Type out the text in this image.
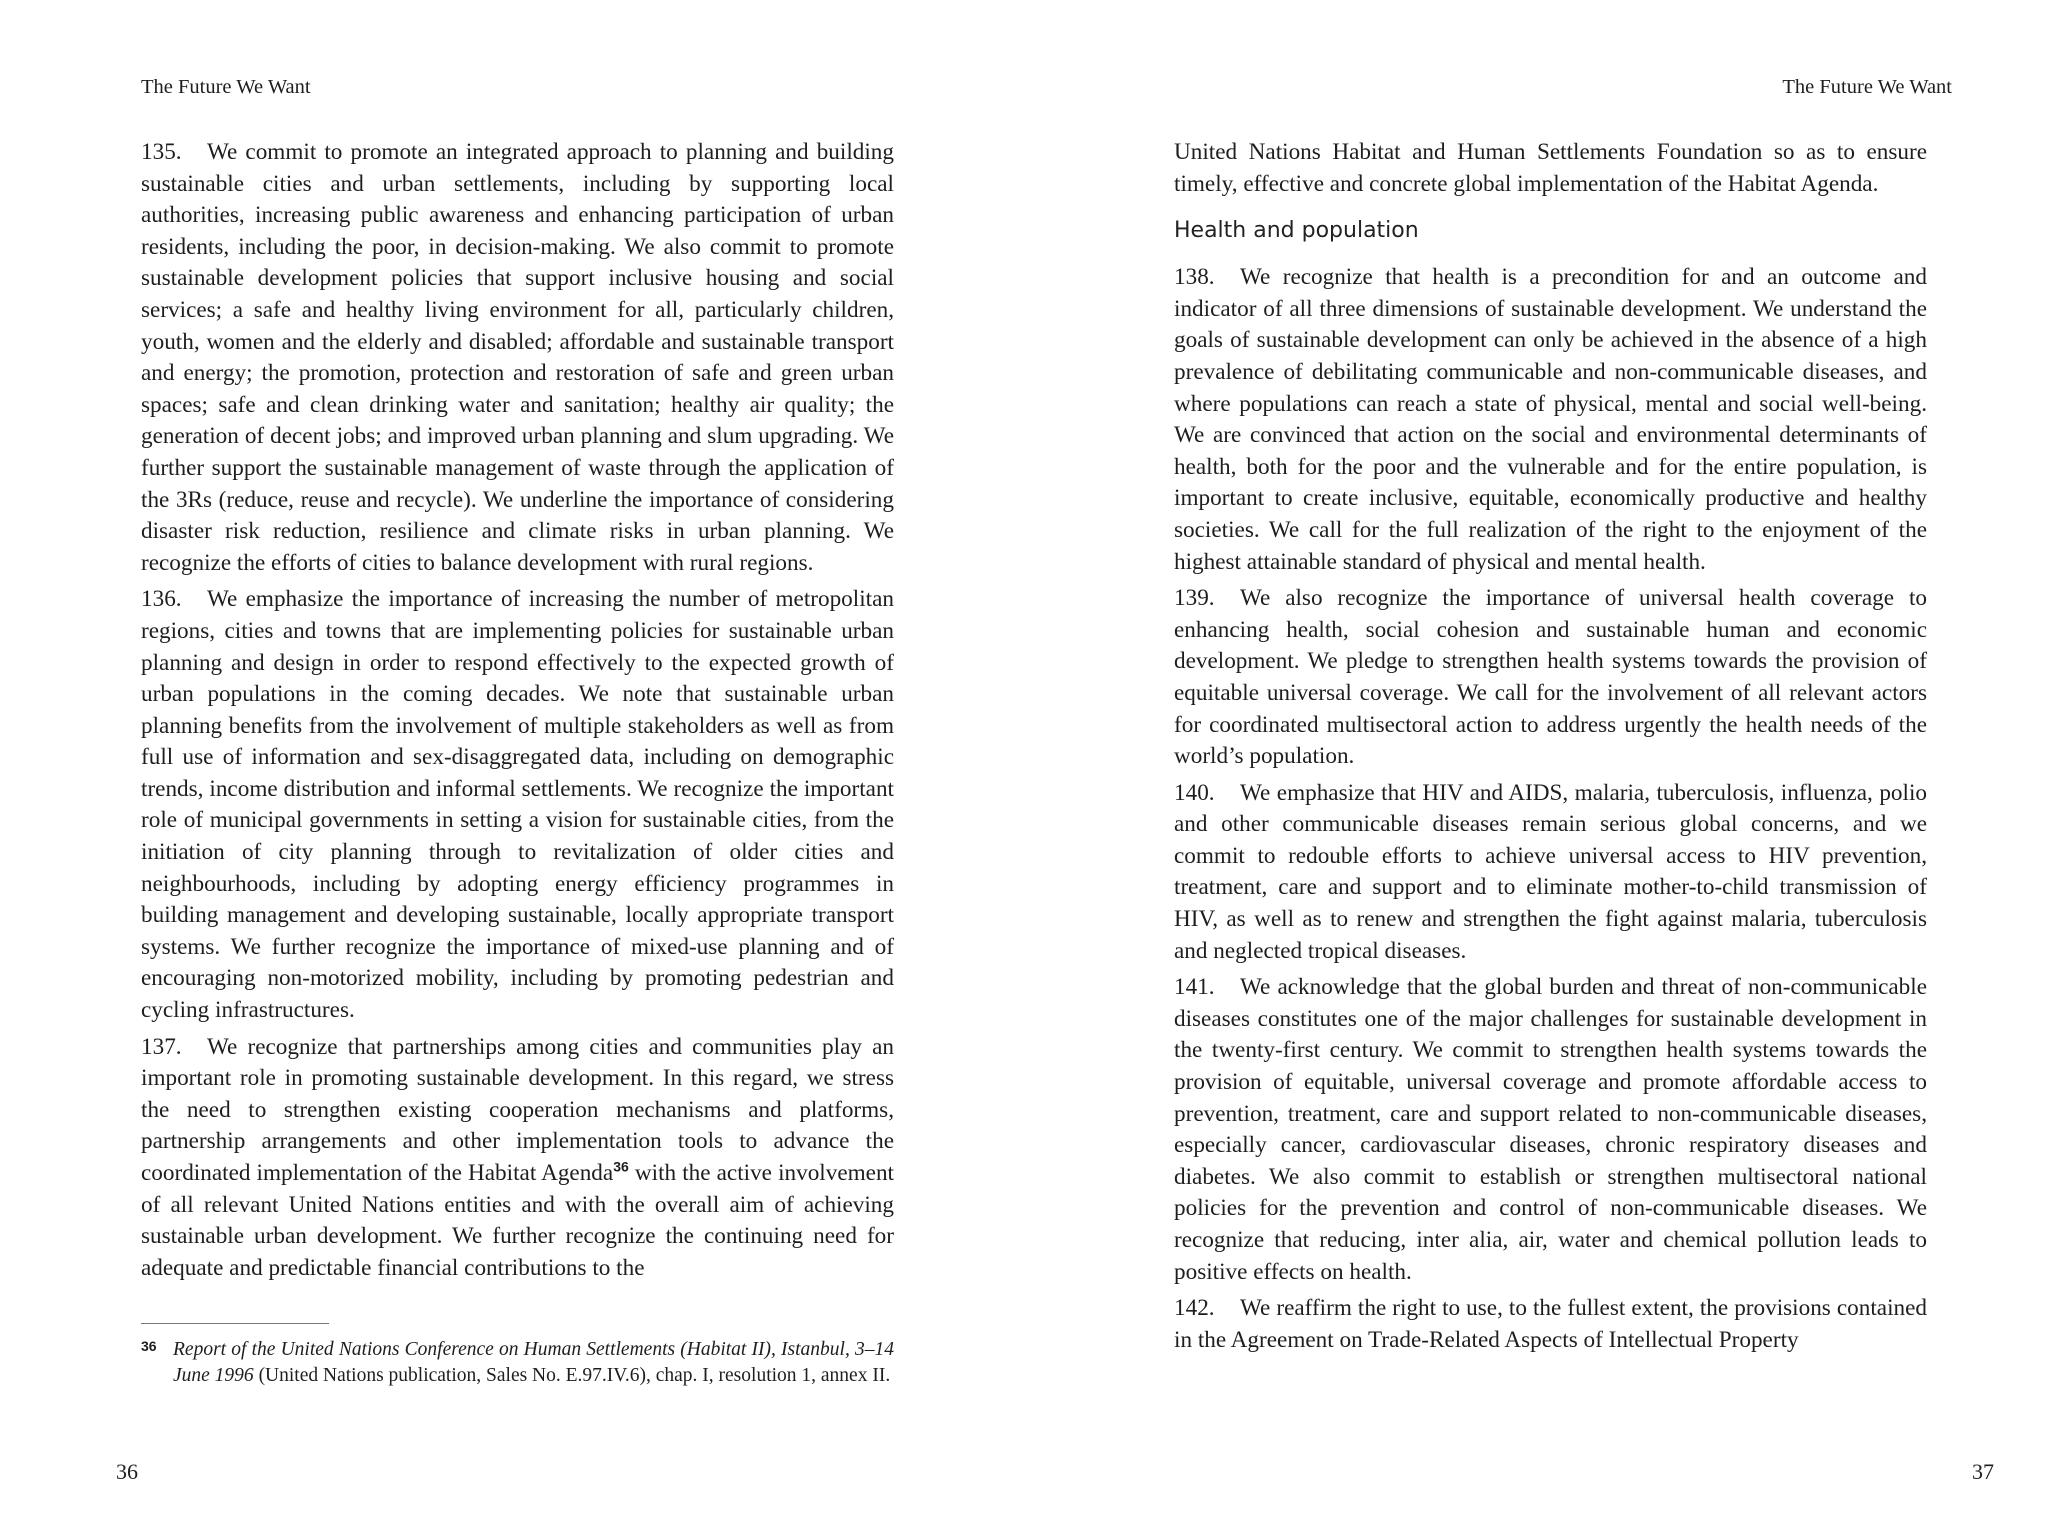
The Future We Want

135. We commit to promote an integrated approach to planning and building sustainable cities and urban settlements, including by supporting local authorities, increasing public awareness and enhancing participation of urban residents, including the poor, in decision-making. We also commit to promote sustainable development policies that support inclusive housing and social services; a safe and healthy living environment for all, particularly children, youth, women and the elderly and disabled; affordable and sustainable transport and energy; the promotion, protection and restoration of safe and green urban spaces; safe and clean drinking water and sanitation; healthy air quality; the generation of decent jobs; and improved urban planning and slum upgrading. We further support the sustainable management of waste through the application of the 3Rs (reduce, reuse and recycle). We underline the importance of considering disaster risk reduction, resilience and climate risks in urban planning. We recognize the efforts of cities to balance development with rural regions.

136. We emphasize the importance of increasing the number of metropolitan regions, cities and towns that are implementing policies for sustainable urban planning and design in order to respond effectively to the expected growth of urban populations in the coming decades. We note that sustainable urban planning benefits from the involvement of multiple stakeholders as well as from full use of information and sex-disaggregated data, including on demographic trends, income distribution and informal settlements. We recognize the important role of municipal governments in setting a vision for sustainable cities, from the initiation of city planning through to revitalization of older cities and neighbourhoods, including by adopting energy efficiency programmes in building management and developing sustainable, locally appropriate transport systems. We further recognize the importance of mixed-use planning and of encouraging non-motorized mobility, including by promoting pedestrian and cycling infrastructures.

137. We recognize that partnerships among cities and communities play an important role in promoting sustainable development. In this regard, we stress the need to strengthen existing cooperation mechanisms and platforms, partnership arrangements and other implementation tools to advance the coordinated implementation of the Habitat Agenda$^{36}$ with the active involvement of all relevant United Nations entities and with the overall aim of achieving sustainable urban development. We further recognize the continuing need for adequate and predictable financial contributions to the

36 Report of the United Nations Conference on Human Settlements (Habitat II), Istanbul, 3–14 June 1996 (United Nations publication, Sales No. E.97.IV.6), chap. I, resolution 1, annex II.
36
The Future We Want

United Nations Habitat and Human Settlements Foundation so as to ensure timely, effective and concrete global implementation of the Habitat Agenda.

Health and population

138. We recognize that health is a precondition for and an outcome and indicator of all three dimensions of sustainable development. We understand the goals of sustainable development can only be achieved in the absence of a high prevalence of debilitating communicable and non-communicable diseases, and where populations can reach a state of physical, mental and social well-being. We are convinced that action on the social and environmental determinants of health, both for the poor and the vulnerable and for the entire population, is important to create inclusive, equitable, economically productive and healthy societies. We call for the full realization of the right to the enjoyment of the highest attainable standard of physical and mental health.

139. We also recognize the importance of universal health coverage to enhancing health, social cohesion and sustainable human and economic development. We pledge to strengthen health systems towards the provision of equitable universal coverage. We call for the involvement of all relevant actors for coordinated multisectoral action to address urgently the health needs of the world’s population.

140. We emphasize that HIV and AIDS, malaria, tuberculosis, influenza, polio and other communicable diseases remain serious global concerns, and we commit to redouble efforts to achieve universal access to HIV prevention, treatment, care and support and to eliminate mother-to-child transmission of HIV, as well as to renew and strengthen the fight against malaria, tuberculosis and neglected tropical diseases.

141. We acknowledge that the global burden and threat of non-communicable diseases constitutes one of the major challenges for sustainable development in the twenty-first century. We commit to strengthen health systems towards the provision of equitable, universal coverage and promote affordable access to prevention, treatment, care and support related to non-communicable diseases, especially cancer, cardiovascular diseases, chronic respiratory diseases and diabetes. We also commit to establish or strengthen multisectoral national policies for the prevention and control of non-communicable diseases. We recognize that reducing, inter alia, air, water and chemical pollution leads to positive effects on health.

142. We reaffirm the right to use, to the fullest extent, the provisions contained in the Agreement on Trade-Related Aspects of Intellectual Property

37
